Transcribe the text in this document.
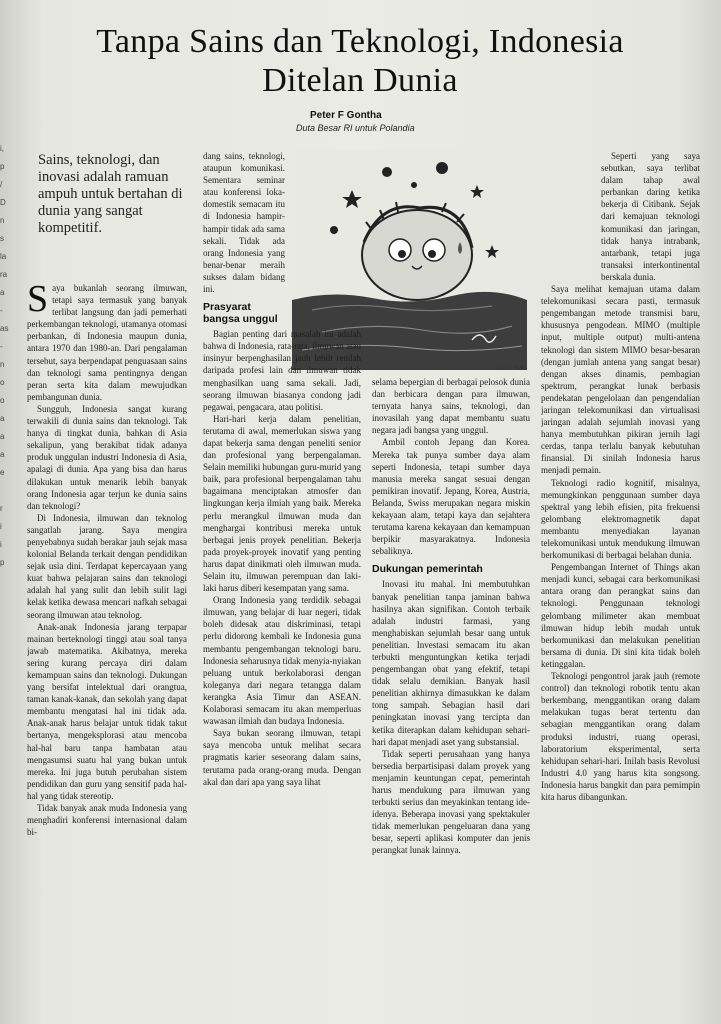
i,
p
/
D
n
s
la
ra
a
-
as
-
n
o
o
a
a
a
e

r
i
i
p
Tanpa Sains dan Teknologi, Indonesia Ditelan Dunia
Peter F Gontha
Duta Besar RI untuk Polandia
Sains, teknologi, dan inovasi adalah ramuan ampuh untuk bertahan di dunia yang sangat kompetitif.
DIDIE SW

Saya bukanlah seorang ilmuwan, tetapi saya termasuk yang banyak terlibat langsung dan jadi pemerhati perkembangan teknologi, utamanya otomasi perbankan, di Indonesia maupun dunia, antara 1970 dan 1980-an. Dari pengalaman tersebut, saya berpendapat penguasaan sains dan teknologi sama pentingnya dengan peran serta kita dalam mewujudkan pembangunan dunia.

Sungguh, Indonesia sangat kurang terwakili di dunia sains dan teknologi. Tak hanya di tingkat dunia, bahkan di Asia sekalipun, yang berakibat tidak adanya produk unggulan industri Indonesia di Asia, apalagi di dunia. Apa yang bisa dan harus dilakukan untuk menarik lebih banyak orang Indonesia agar terjun ke dunia sains dan teknologi?

Di Indonesia, ilmuwan dan teknolog sangatlah jarang. Saya mengira penyebabnya sudah berakar jauh sejak masa kolonial Belanda terkait dengan pendidikan sejak usia dini. Terdapat kepercayaan yang kuat bahwa pelajaran sains dan teknologi adalah hal yang sulit dan lebih sulit lagi kelak ketika dewasa mencari nafkah sebagai seorang ilmuwan atau teknolog.

Anak-anak Indonesia jarang terpapar mainan berteknologi tinggi atau soal tanya jawab matematika. Akibatnya, mereka sering kurang percaya diri dalam kemampuan sains dan teknologi. Dukungan yang bersifat intelektual dari orangtua, taman kanak-kanak, dan sekolah yang dapat membantu mengatasi hal ini tidak ada. Anak-anak harus belajar untuk tidak takut bertanya, mengeksplorasi atau mencoba hal-hal baru tanpa hambatan atau mengasumsi suatu hal yang bukan untuk mereka. Ini juga butuh perubahan sistem pendidikan dan guru yang sensitif pada hal-hal yang tidak stereotip.

Tidak banyak anak muda Indonesia yang menghadiri konferensi internasional dalam bi-

dang sains, teknologi, ataupun komunikasi. Sementara seminar atau konferensi loka-domestik semacam itu di Indonesia hampir-hampir tidak ada sama sekali. Tidak ada orang Indonesia yang benar-benar meraih sukses dalam bidang ini.

Prasyarat bangsa unggul

Bagian penting dari masalah ini adalah bahwa di Indonesia, rata-rata, ilmuwan atau insinyur berpenghasilan jauh lebih rendah daripada profesi lain dan ilmuwan tidak menghasilkan uang sama sekali. Jadi, seorang ilmuwan biasanya condong jadi pegawai, pengacara, atau politisi.

Hari-hari kerja dalam penelitian, terutama di awal, memerlukan siswa yang dapat bekerja sama dengan peneliti senior dan profesional yang berpengalaman. Selain memiliki hubungan guru-murid yang baik, para profesional berpengalaman tahu bagaimana menciptakan atmosfer dan lingkungan kerja ilmiah yang baik. Mereka perlu merangkul ilmuwan muda dan menghargai kontribusi mereka untuk berbagai jenis proyek penelitian. Bekerja pada proyek-proyek inovatif yang penting harus dapat dinikmati oleh ilmuwan muda. Selain itu, ilmuwan perempuan dan laki-laki harus diberi kesempatan yang sama.

Orang Indonesia yang terdidik sebagai ilmuwan, yang belajar di luar negeri, tidak boleh didesak atau diskriminasi, tetapi perlu didorong kembali ke Indonesia guna membantu pengembangan teknologi baru. Indonesia seharusnya tidak menyia-nyiakan peluang untuk berkolaborasi dengan koleganya dari negara tetangga dalam kerangka Asia Timur dan ASEAN. Kolaborasi semacam itu akan memperluas wawasan ilmiah dan budaya Indonesia.

Saya bukan seorang ilmuwan, tetapi saya mencoba untuk melihat secara pragmatis karier seseorang dalam sains, terutama pada orang-orang muda. Dengan akal dan dari apa yang saya lihat

selama bepergian di berbagai pelosok dunia dan berbicara dengan para ilmuwan, ternyata hanya sains, teknologi, dan inovasilah yang dapat membantu suatu negara jadi bangsa yang unggul.

Ambil contoh Jepang dan Korea. Mereka tak punya sumber daya alam seperti Indonesia, tetapi sumber daya manusia mereka sangat sesuai dengan pemikiran inovatif. Jepang, Korea, Austria, Belanda, Swiss merupakan negara miskin kekayaan alam, tetapi kaya dan sejahtera terutama karena kekayaan dan kemampuan berpikir masyarakatnya. Indonesia sebaliknya.

Dukungan pemerintah

Inovasi itu mahal. Ini membutuhkan banyak penelitian tanpa jaminan bahwa hasilnya akan signifikan. Contoh terbaik adalah industri farmasi, yang menghabiskan sejumlah besar uang untuk penelitian. Investasi semacam itu akan terbukti menguntungkan ketika terjadi pengembangan obat yang efektif, tetapi tidak selalu demikian. Banyak hasil penelitian akhirnya dimasukkan ke dalam tong sampah. Sebagian hasil dari peningkatan inovasi yang tercipta dan ketika diterapkan dalam kehidupan sehari-hari dapat menjadi aset yang substansial.

Tidak seperti perusahaan yang hanya bersedia berpartisipasi dalam proyek yang menjamin keuntungan cepat, pemerintah harus mendukung para ilmuwan yang terbukti serius dan meyakinkan tentang ide-idenya. Beberapa inovasi yang spektakuler tidak memerlukan pengeluaran dana yang besar, seperti aplikasi komputer dan jenis perangkat lunak lainnya.

Seperti yang saya sebutkan, saya terlibat dalam tahap awal perbankan daring ketika bekerja di Citibank. Sejak dari kemajuan teknologi komunikasi dan jaringan, tidak hanya intrabank, antarbank, tetapi juga transaksi interkontinental berskala dunia.

Saya melihat kemajuan utama dalam telekomunikasi secara pasti, termasuk pengembangan metode transmisi baru, khususnya pengodean. MIMO (multiple input, multiple output) multi-antena teknologi dan sistem MIMO besar-besaran (dengan jumlah antena yang sangat besar) dengan akses dinamis, pembagian spektrum, perangkat lunak berbasis pendekatan pengelolaan dan pengendalian jaringan telekomunikasi dan virtualisasi jaringan adalah sejumlah inovasi yang hanya membutuhkan pikiran jernih lagi cerdas, tanpa terlalu banyak kebutuhan finansial. Di sinilah Indonesia harus menjadi pemain.

Teknologi radio kognitif, misalnya, memungkinkan penggunaan sumber daya spektral yang lebih efisien, pita frekuensi gelombang elektromagnetik dapat membantu menyediakan layanan telekomunikasi untuk mendukung ilmuwan berkomunikasi di berbagai belahan dunia.

Pengembangan Internet of Things akan menjadi kunci, sebagai cara berkomunikasi antara orang dan perangkat sains dan teknologi. Penggunaan teknologi gelombang milimeter akan membuat ilmuwan hidup lebih mudah untuk berkomunikasi dan melakukan penelitian bersama di dunia. Di sini kita tidak boleh ketinggalan.

Teknologi pengontrol jarak jauh (remote control) dan teknologi robotik tentu akan berkembang, menggantikan orang dalam melakukan tugas berat tertentu dan sebagian menggantikan orang dalam produksi industri, ruang operasi, laboratorium eksperimental, serta kehidupan sehari-hari. Inilah basis Revolusi Industri 4.0 yang harus kita songsong. Indonesia harus bangkit dan para pemimpin kita harus dibangunkan.
